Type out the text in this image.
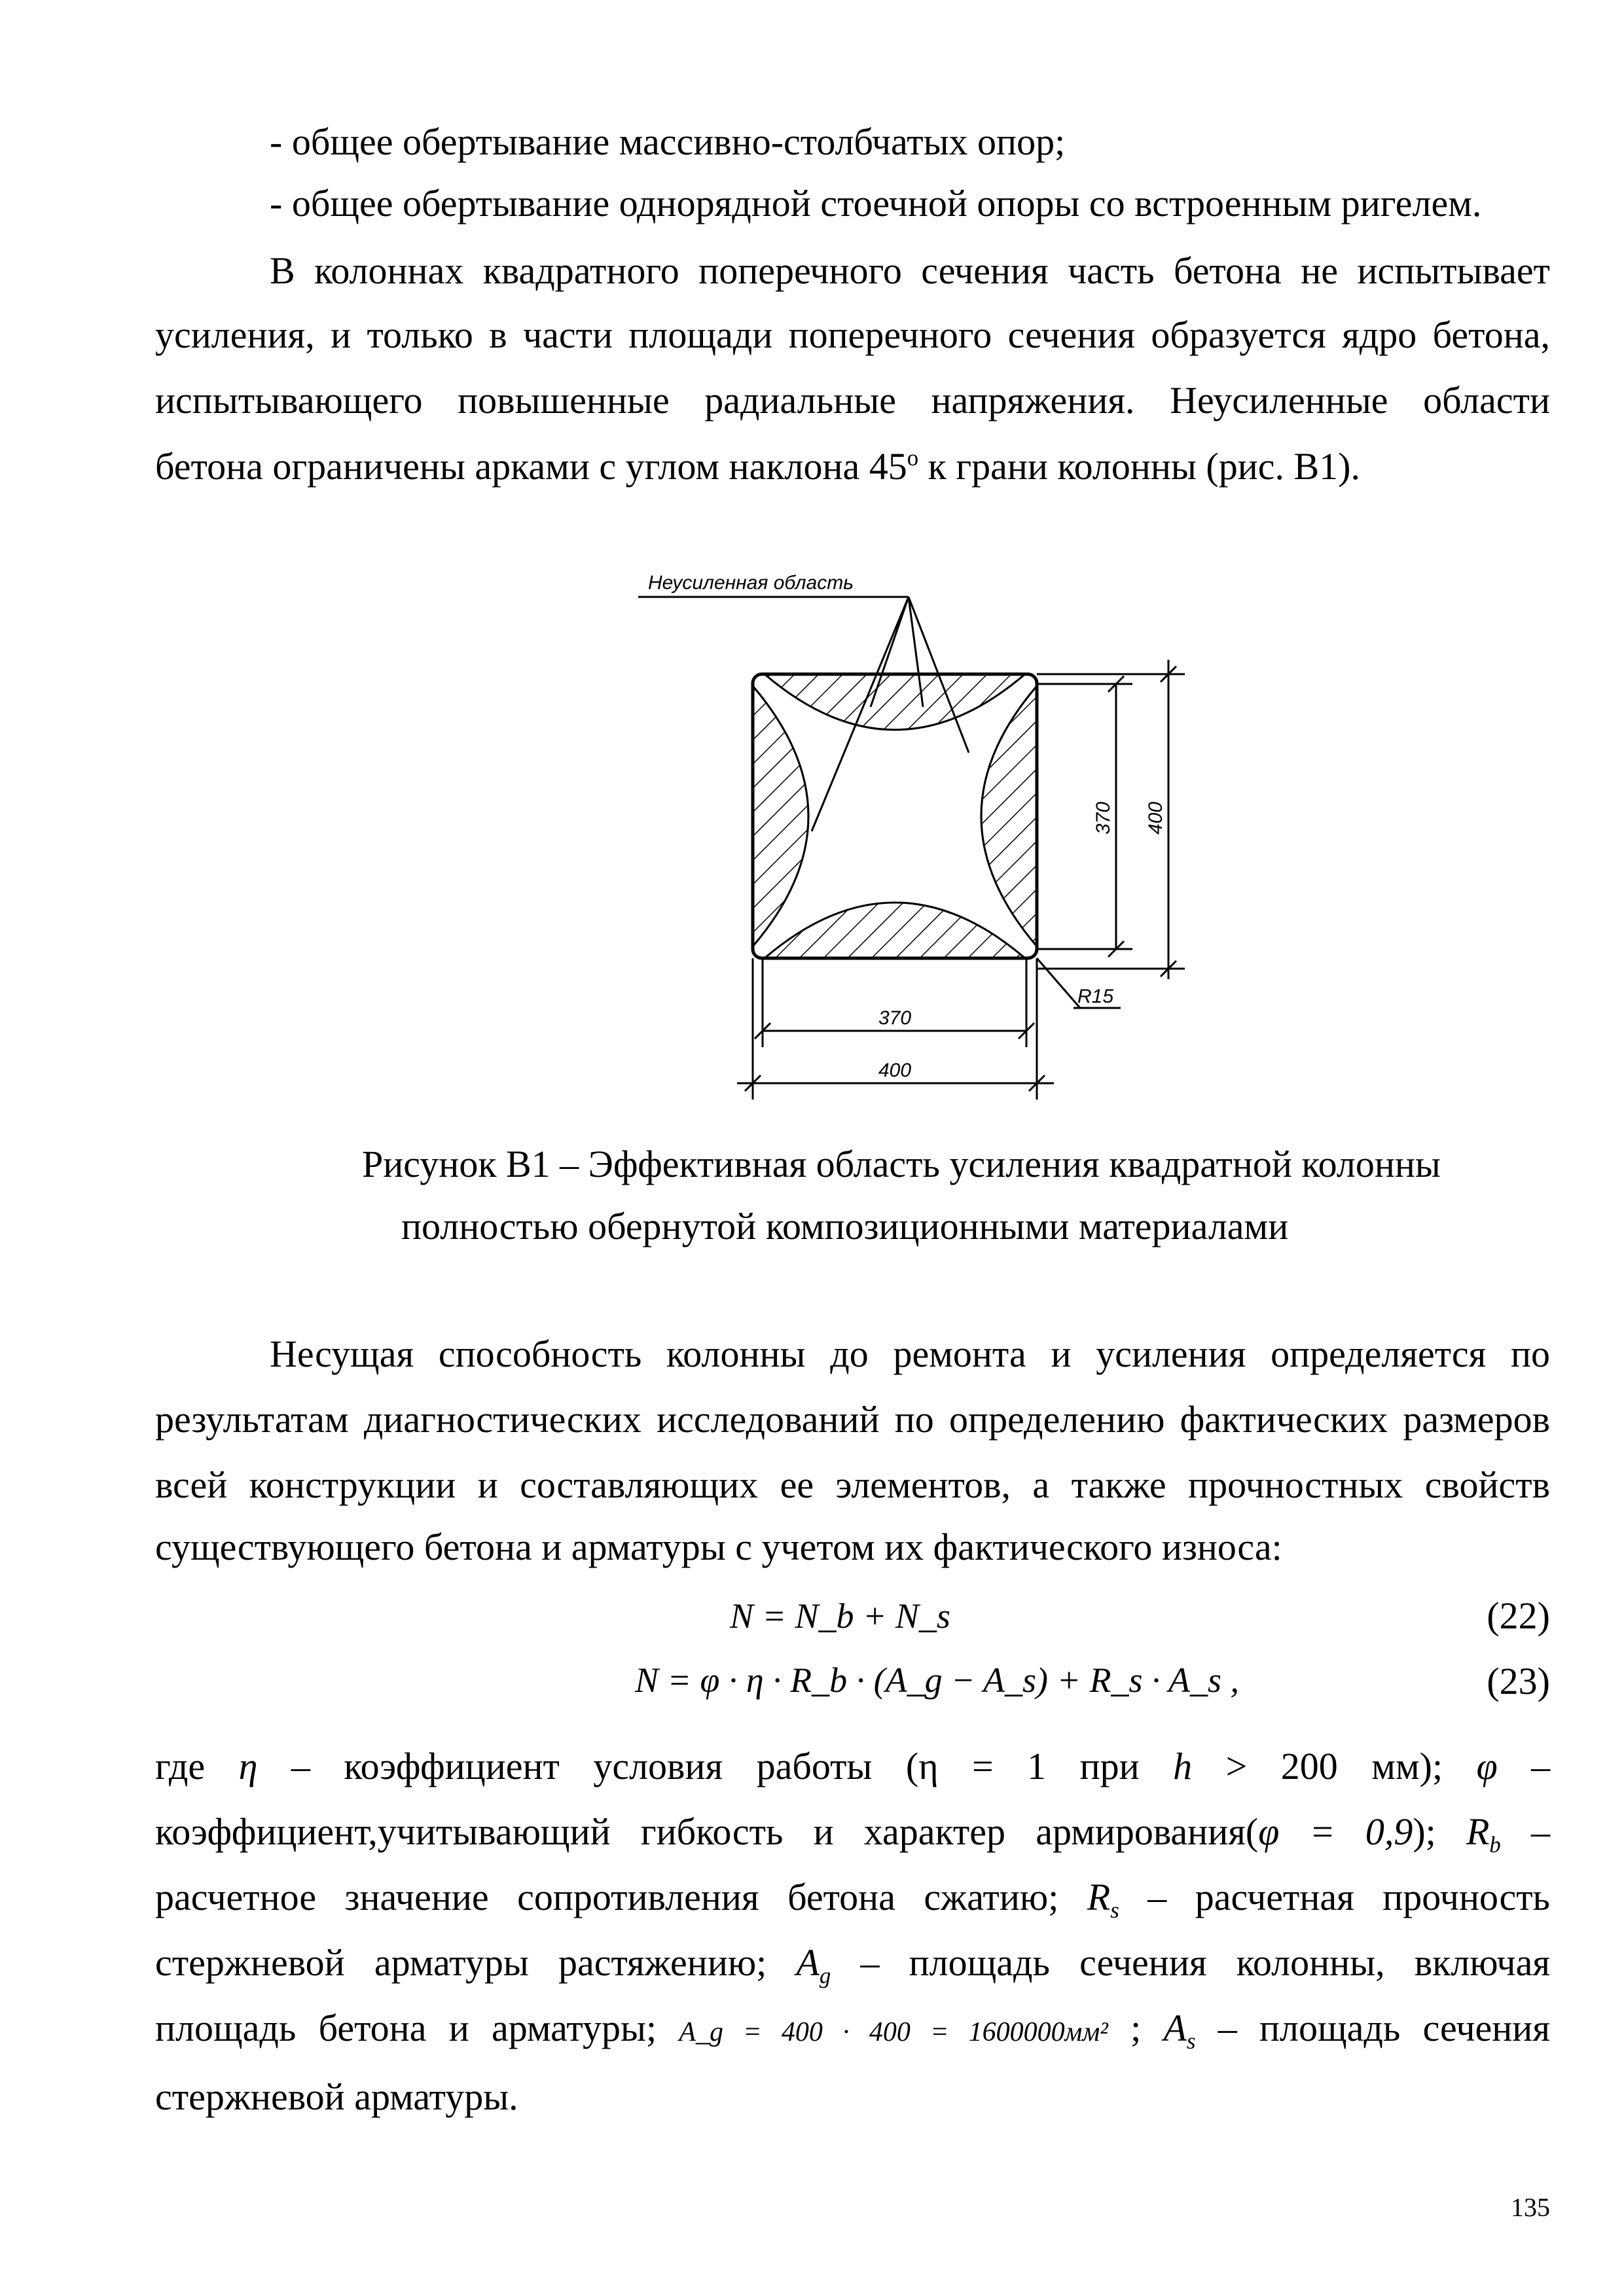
- общее обертывание массивно-столбчатых опор;
- общее обертывание однорядной стоечной опоры со встроенным ригелем.
В колоннах квадратного поперечного сечения часть бетона не испытывает
усиления, и только в части площади поперечного сечения образуется ядро бетона,
испытывающего повышенные радиальные напряжения. Неусиленные области
бетона ограничены арками с углом наклона 45$^o$ к грани колонны (рис. В1).
Неусиленная область
370 400
370
400
R15
Рисунок В1 – Эффективная область усиления квадратной колонны
полностью обернутой композиционными материалами
Несущая способность колонны до ремонта и усиления определяется по
результатам диагностических исследований по определению фактических размеров
всей конструкции и составляющих ее элементов, а также прочностных свойств
существующего бетона и арматуры с учетом их фактического износа:
N = N_b + N_s	(22)
N = φ · η · R_b · (A_g − A_s) + R_s · A_s ,	(23)
где η – коэффициент условия работы (η = 1 при h > 200 мм); φ –
коэффициент,учитывающий гибкость и характер армирования(φ = 0,9); $R_b$ –
расчетное значение сопротивления бетона сжатию; $R_s$ – расчетная прочность
стержневой арматуры растяжению; $A_g$ – площадь сечения колонны, включая
площадь бетона и арматуры; A_g = 400 · 400 = 1600000мм² ; $A_s$ – площадь сечения
стержневой арматуры.
135
